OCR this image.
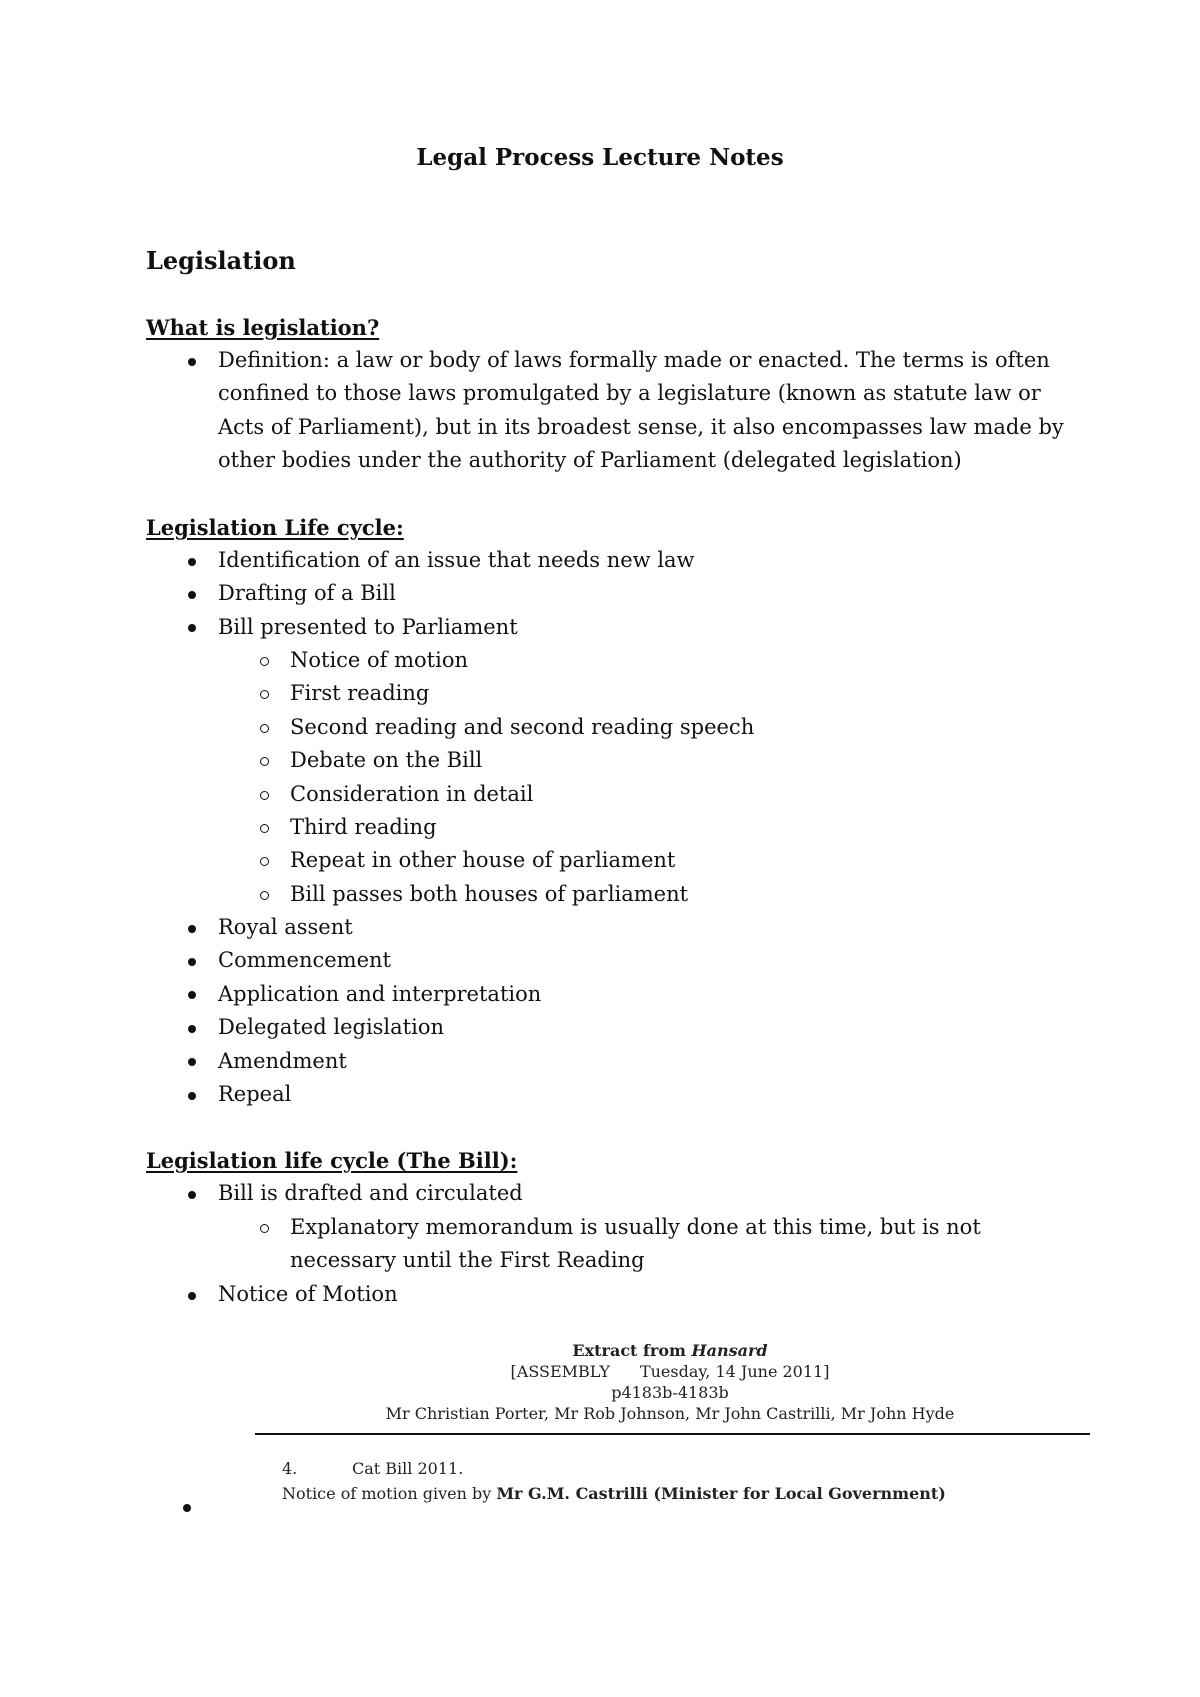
Legal Process Lecture Notes
Legislation
What is legislation?
Definition: a law or body of laws formally made or enacted. The terms is often confined to those laws promulgated by a legislature (known as statute law or Acts of Parliament), but in its broadest sense, it also encompasses law made by other bodies under the authority of Parliament (delegated legislation)
Legislation Life cycle:
Identification of an issue that needs new law
Drafting of a Bill
Bill presented to Parliament
Notice of motion
First reading
Second reading and second reading speech
Debate on the Bill
Consideration in detail
Third reading
Repeat in other house of parliament
Bill passes both houses of parliament
Royal assent
Commencement
Application and interpretation
Delegated legislation
Amendment
Repeal
Legislation life cycle (The Bill):
Bill is drafted and circulated
Explanatory memorandum is usually done at this time, but is not necessary until the First Reading
Notice of Motion
Extract from Hansard
[ASSEMBLY Tuesday, 14 June 2011]
p4183b-4183b
Mr Christian Porter, Mr Rob Johnson, Mr John Castrilli, Mr John Hyde
4.	Cat Bill 2011.
Notice of motion given by Mr G.M. Castrilli (Minister for Local Government)
